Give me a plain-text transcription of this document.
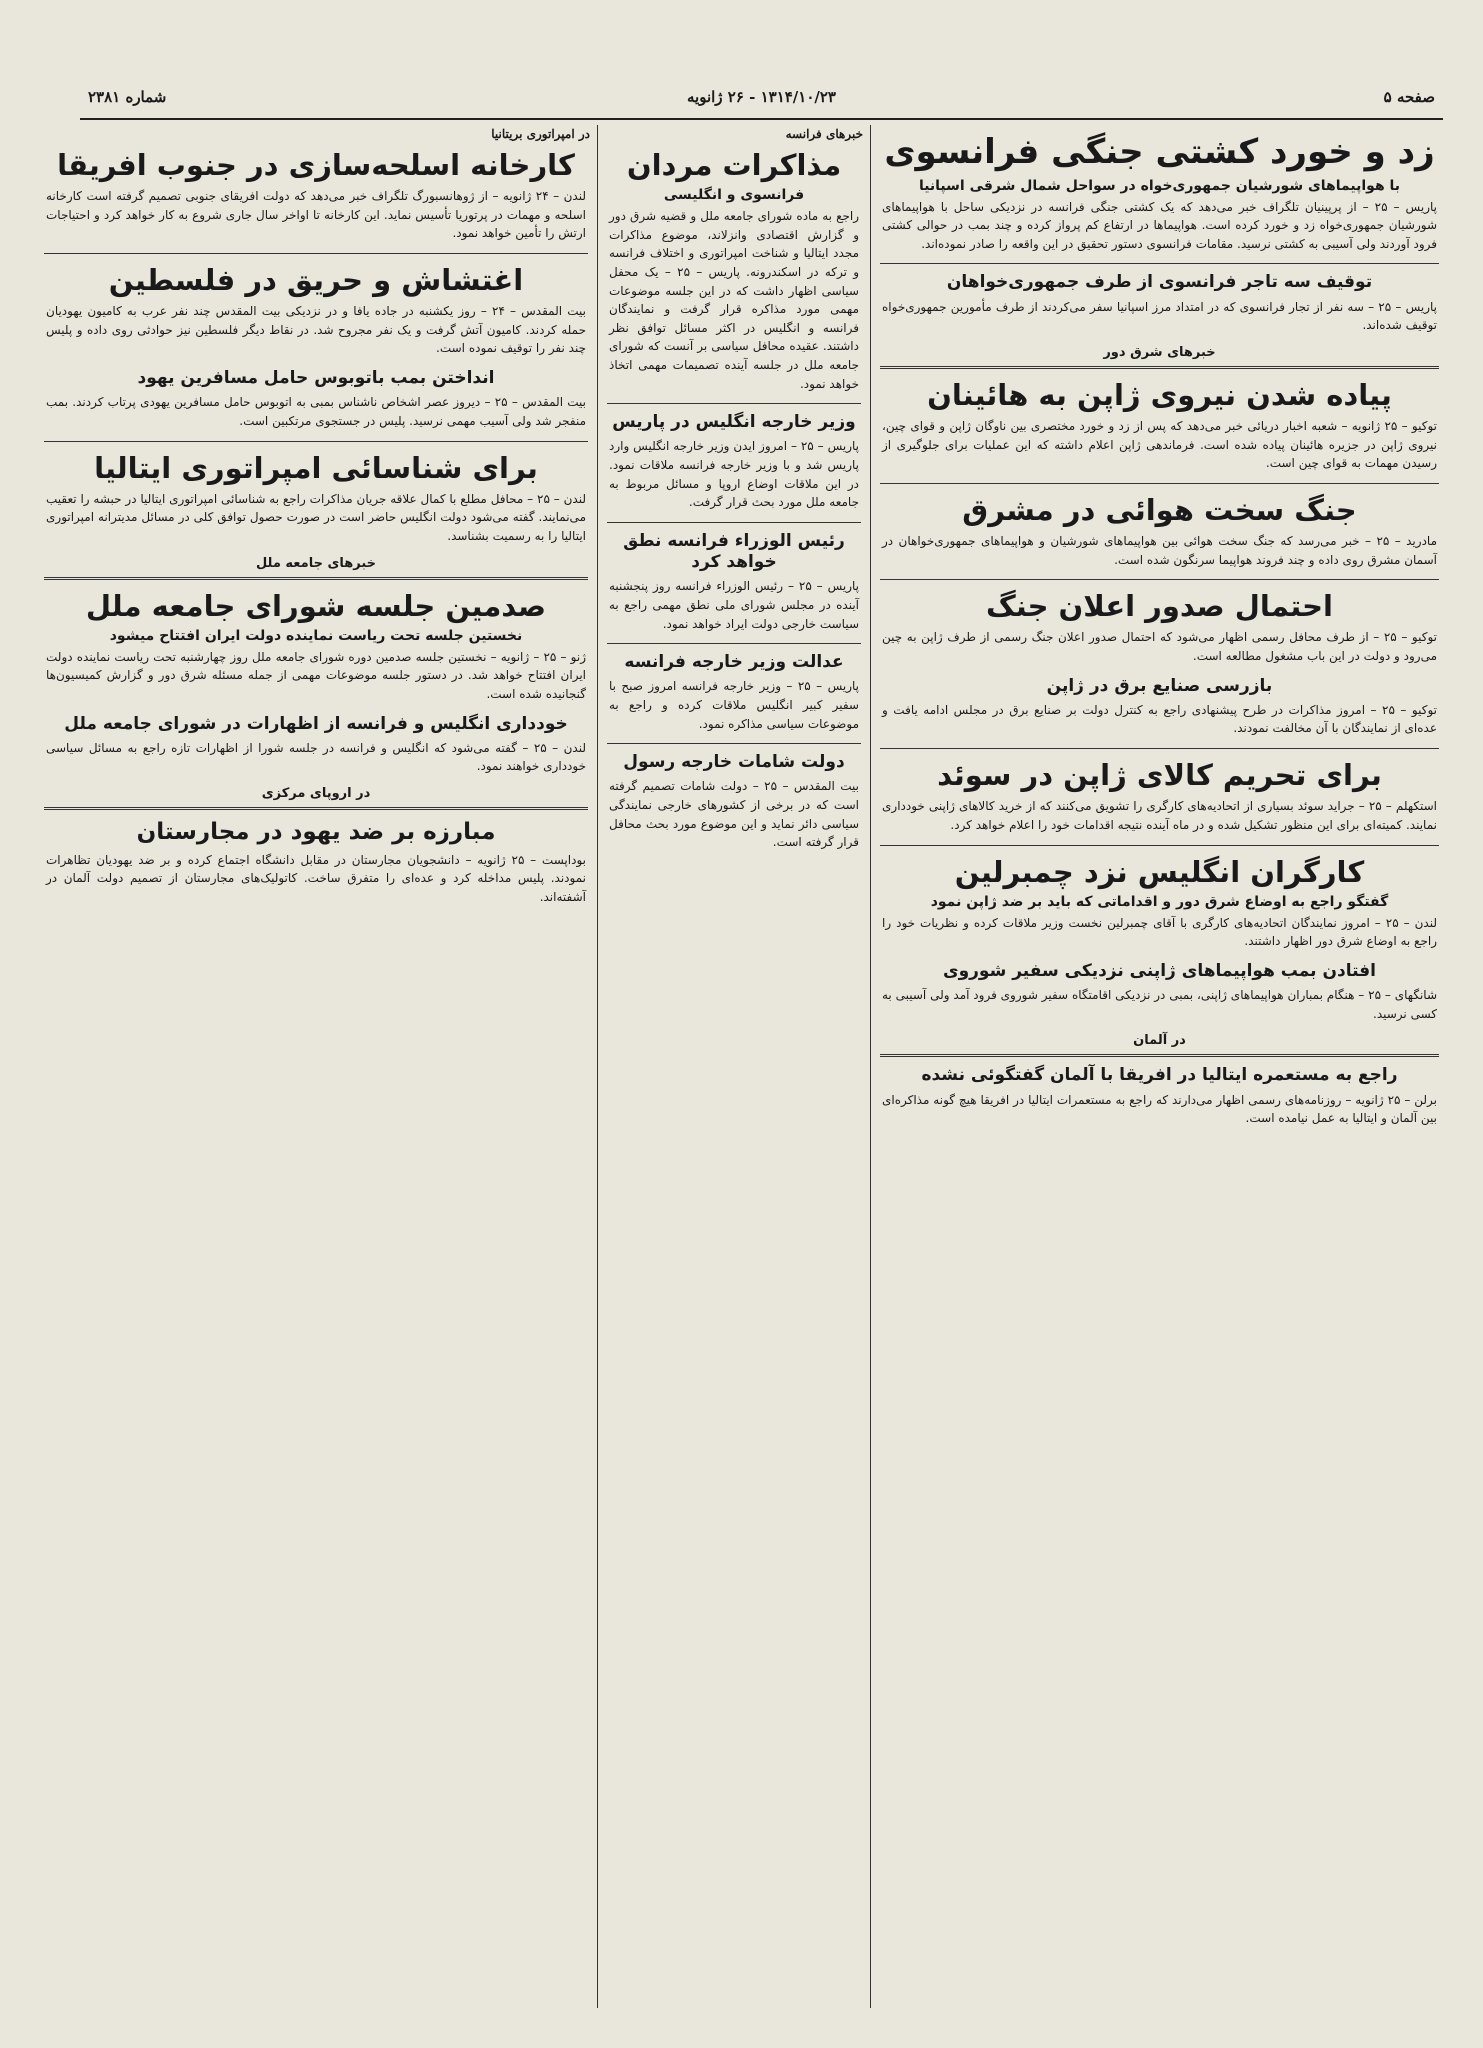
صفحه ۵
۱۳۱۴/۱۰/۲۳ - ۲۶ ژانویه
شماره ۲۳۸۱
زد و خورد کشتی جنگی فرانسوی
با هواپیماهای شورشیان جمهوری‌خواه در سواحل شمال شرقی اسپانیا

پاریس – ۲۵ – از پرپینیان تلگراف خبر می‌دهد که یک کشتی جنگی فرانسه در نزدیکی ساحل با هواپیماهای شورشیان جمهوری‌خواه زد و خورد کرده است. هواپیماها در ارتفاع کم پرواز کرده و چند بمب در حوالی کشتی فرود آوردند ولی آسیبی به کشتی نرسید. مقامات فرانسوی دستور تحقیق در این واقعه را صادر نموده‌اند.

توقیف سه تاجر فرانسوی از طرف جمهوری‌خواهان

پاریس – ۲۵ – سه نفر از تجار فرانسوی که در امتداد مرز اسپانیا سفر می‌کردند از طرف مأمورین جمهوری‌خواه توقیف شده‌اند.

خبرهای شرق دور
پیاده شدن نیروی ژاپن به هائینان

توکیو – ۲۵ ژانویه – شعبه اخبار دریائی خبر می‌دهد که پس از زد و خورد مختصری بین ناوگان ژاپن و قوای چین، نیروی ژاپن در جزیره هائینان پیاده شده است. فرماندهی ژاپن اعلام داشته که این عملیات برای جلوگیری از رسیدن مهمات به قوای چین است.

جنگ سخت هوائی در مشرق

مادرید – ۲۵ – خبر می‌رسد که جنگ سخت هوائی بین هواپیماهای شورشیان و هواپیماهای جمهوری‌خواهان در آسمان مشرق روی داده و چند فروند هواپیما سرنگون شده است.

احتمال صدور اعلان جنگ

توکیو – ۲۵ – از طرف محافل رسمی اظهار می‌شود که احتمال صدور اعلان جنگ رسمی از طرف ژاپن به چین می‌رود و دولت در این باب مشغول مطالعه است.

بازرسی صنایع برق در ژاپن

توکیو – ۲۵ – امروز مذاکرات در طرح پیشنهادی راجع به کنترل دولت بر صنایع برق در مجلس ادامه یافت و عده‌ای از نمایندگان با آن مخالفت نمودند.

برای تحریم کالای ژاپن در سوئد

استکهلم – ۲۵ – جراید سوئد بسیاری از اتحادیه‌های کارگری را تشویق می‌کنند که از خرید کالاهای ژاپنی خودداری نمایند. کمیته‌ای برای این منظور تشکیل شده و در ماه آینده نتیجه اقدامات خود را اعلام خواهد کرد.

کارگران انگلیس نزد چمبرلین
گفتگو راجع به اوضاع شرق دور و اقداماتی که باید بر ضد ژاپن نمود

لندن – ۲۵ – امروز نمایندگان اتحادیه‌های کارگری با آقای چمبرلین نخست وزیر ملاقات کرده و نظریات خود را راجع به اوضاع شرق دور اظهار داشتند.

افتادن بمب هواپیماهای ژاپنی نزدیکی سفیر شوروی

شانگهای – ۲۵ – هنگام بمباران هواپیماهای ژاپنی، بمبی در نزدیکی اقامتگاه سفیر شوروی فرود آمد ولی آسیبی به کسی نرسید.

در آلمان
راجع به مستعمره ایتالیا در افریقا با آلمان گفتگوئی نشده

برلن – ۲۵ ژانویه – روزنامه‌های رسمی اظهار می‌دارند که راجع به مستعمرات ایتالیا در افریقا هیچ گونه مذاکره‌ای بین آلمان و ایتالیا به عمل نیامده است.

خبرهای فرانسه
مذاکرات مردان
فرانسوی و انگلیسی

راجع به ماده شورای جامعه ملل و قضیه شرق دور و گزارش اقتصادی وانزلاند، موضوع مذاکرات مجدد ایتالیا و شناخت امپراتوری و اختلاف فرانسه و ترکه در اسکندرونه. پاریس – ۲۵ – یک محفل سیاسی اظهار داشت که در این جلسه موضوعات مهمی مورد مذاکره قرار گرفت و نمایندگان فرانسه و انگلیس در اکثر مسائل توافق نظر داشتند. عقیده محافل سیاسی بر آنست که شورای جامعه ملل در جلسه آینده تصمیمات مهمی اتخاذ خواهد نمود.

وزیر خارجه انگلیس در پاریس

پاریس – ۲۵ – امروز ایدن وزیر خارجه انگلیس وارد پاریس شد و با وزیر خارجه فرانسه ملاقات نمود. در این ملاقات اوضاع اروپا و مسائل مربوط به جامعه ملل مورد بحث قرار گرفت.

رئیس الوزراء فرانسه نطق خواهد کرد

پاریس – ۲۵ – رئیس الوزراء فرانسه روز پنجشنبه آینده در مجلس شورای ملی نطق مهمی راجع به سیاست خارجی دولت ایراد خواهد نمود.

عدالت وزیر خارجه فرانسه

پاریس – ۲۵ – وزیر خارجه فرانسه امروز صبح با سفیر کبیر انگلیس ملاقات کرده و راجع به موضوعات سیاسی مذاکره نمود.

دولت شامات خارجه رسول

بیت المقدس – ۲۵ – دولت شامات تصمیم گرفته است که در برخی از کشورهای خارجی نمایندگی سیاسی دائر نماید و این موضوع مورد بحث محافل قرار گرفته است.

در امپراتوری بریتانیا
کارخانه اسلحه‌سازی در جنوب افریقا

لندن – ۲۴ ژانویه – از ژوهانسبورگ تلگراف خبر می‌دهد که دولت افریقای جنوبی تصمیم گرفته است کارخانه اسلحه و مهمات در پرتوریا تأسیس نماید. این کارخانه تا اواخر سال جاری شروع به کار خواهد کرد و احتیاجات ارتش را تأمین خواهد نمود.

اغتشاش و حریق در فلسطین

بیت المقدس – ۲۴ – روز یکشنبه در جاده یافا و در نزدیکی بیت المقدس چند نفر عرب به کامیون یهودیان حمله کردند. کامیون آتش گرفت و یک نفر مجروح شد. در نقاط دیگر فلسطین نیز حوادثی روی داده و پلیس چند نفر را توقیف نموده است.

انداختن بمب باتوبوس حامل مسافرین یهود

بیت المقدس – ۲۵ – دیروز عصر اشخاص ناشناس بمبی به اتوبوس حامل مسافرین یهودی پرتاب کردند. بمب منفجر شد ولی آسیب مهمی نرسید. پلیس در جستجوی مرتکبین است.

برای شناسائی امپراتوری ایتالیا

لندن – ۲۵ – محافل مطلع با کمال علاقه جریان مذاکرات راجع به شناسائی امپراتوری ایتالیا در حبشه را تعقیب می‌نمایند. گفته می‌شود دولت انگلیس حاضر است در صورت حصول توافق کلی در مسائل مدیترانه امپراتوری ایتالیا را به رسمیت بشناسد.

خبرهای جامعه ملل
صدمین جلسه شورای جامعه ملل
نخستین جلسه تحت ریاست نماینده دولت ایران افتتاح میشود

ژنو – ۲۵ – ژانویه – نخستین جلسه صدمین دوره شورای جامعه ملل روز چهارشنبه تحت ریاست نماینده دولت ایران افتتاح خواهد شد. در دستور جلسه موضوعات مهمی از جمله مسئله شرق دور و گزارش کمیسیون‌ها گنجانیده شده است.

خودداری انگلیس و فرانسه از اظهارات در شورای جامعه ملل

لندن – ۲۵ – گفته می‌شود که انگلیس و فرانسه در جلسه شورا از اظهارات تازه راجع به مسائل سیاسی خودداری خواهند نمود.

در اروپای مرکزی
مبارزه بر ضد یهود در مجارستان

بوداپست – ۲۵ ژانویه – دانشجویان مجارستان در مقابل دانشگاه اجتماع کرده و بر ضد یهودیان تظاهرات نمودند. پلیس مداخله کرد و عده‌ای را متفرق ساخت. کاتولیک‌های مجارستان از تصمیم دولت آلمان در آشفته‌اند.
